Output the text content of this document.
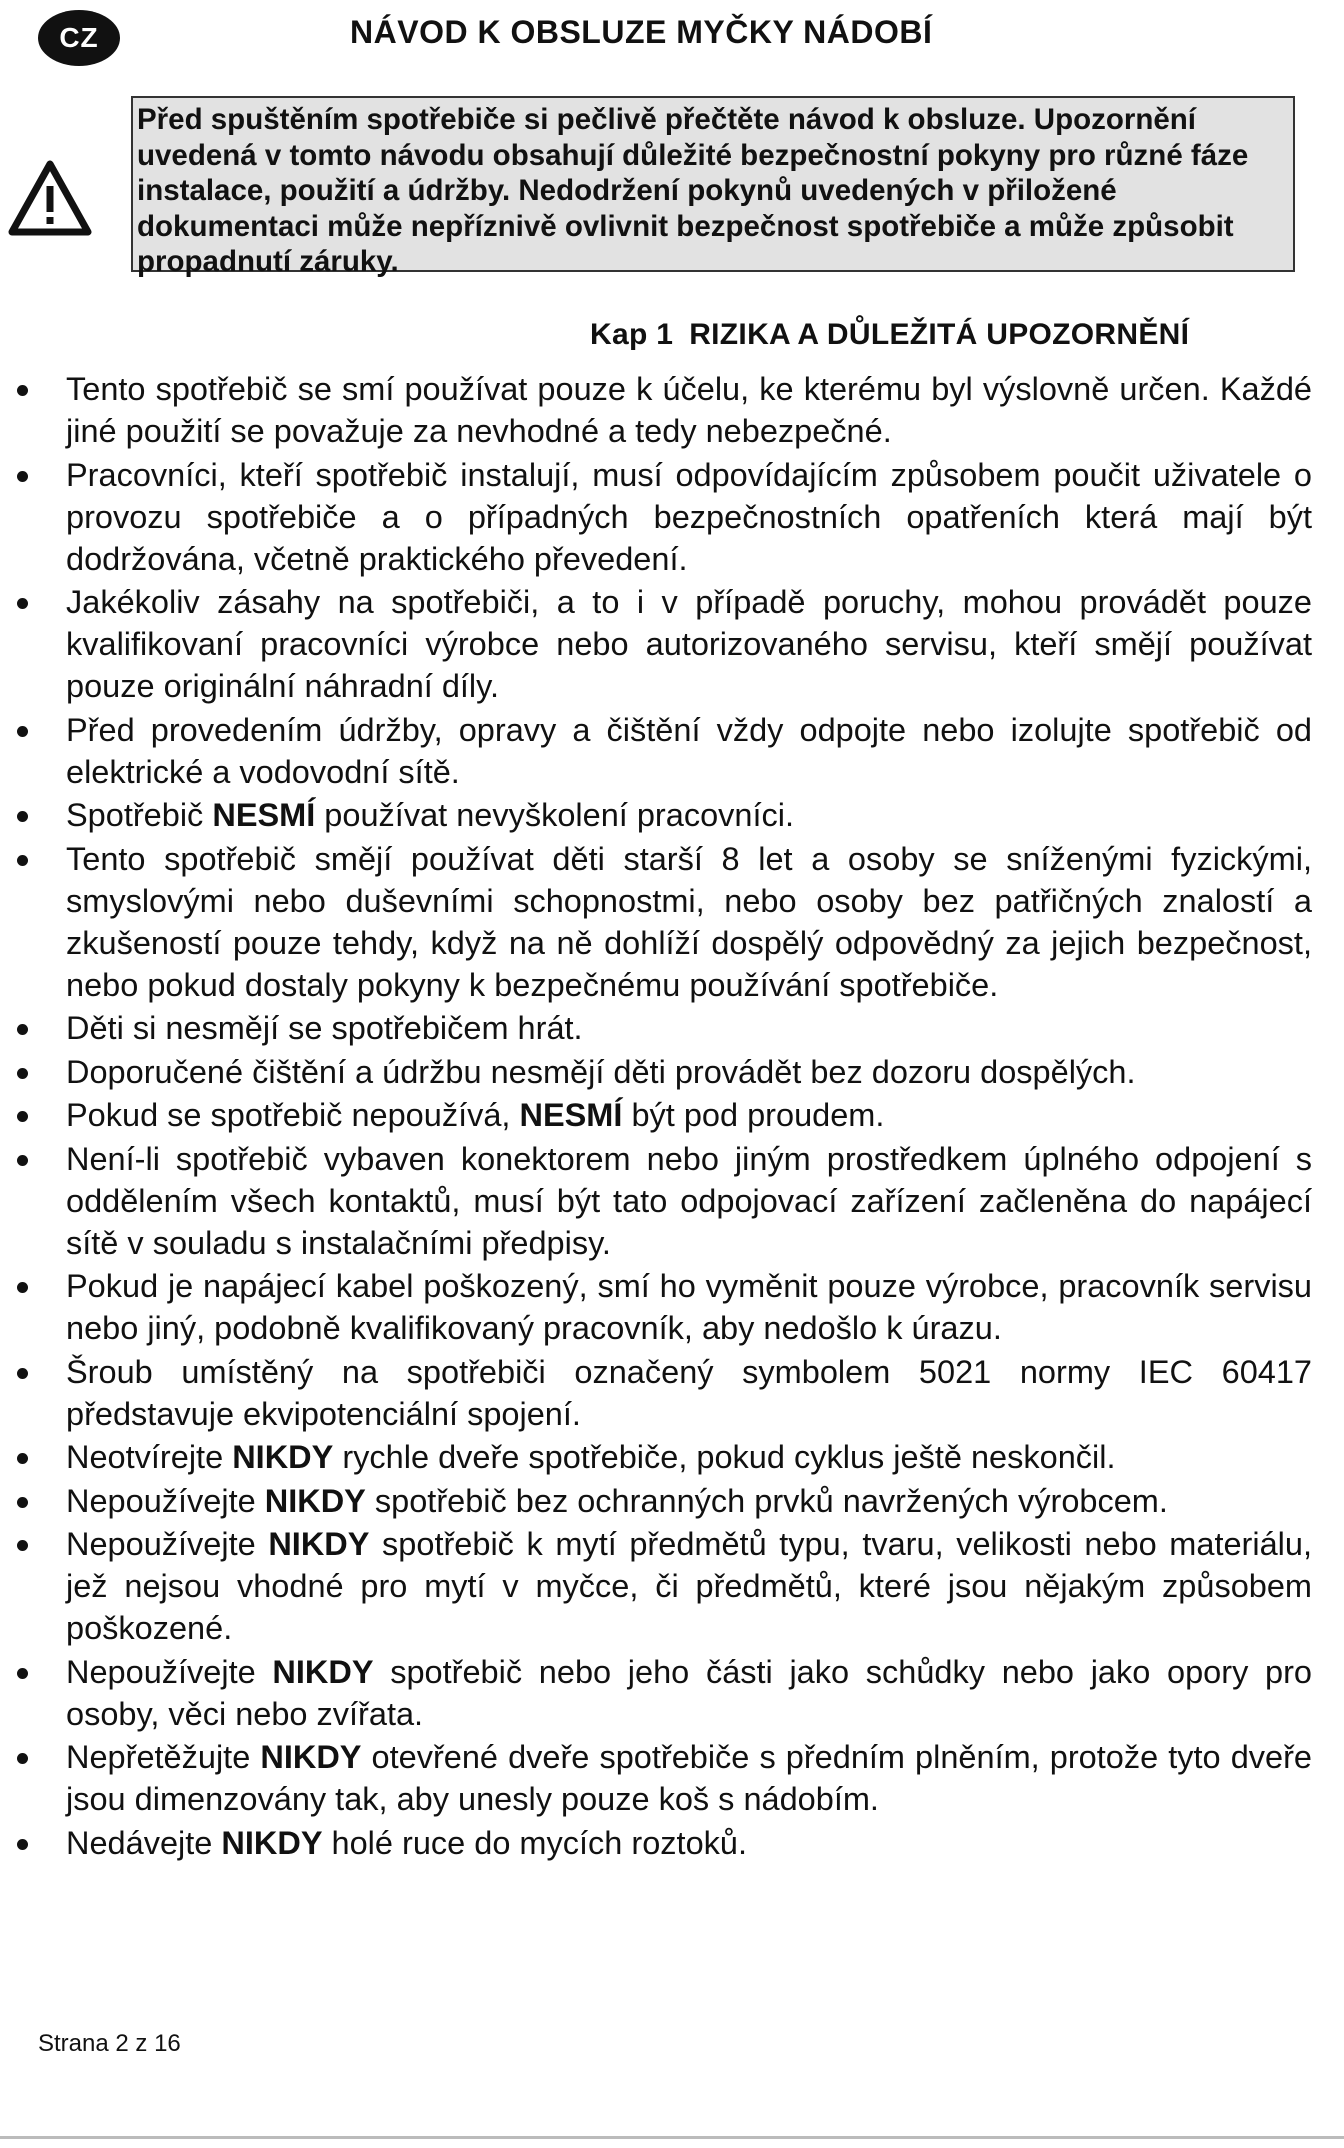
CZ	NÁVOD K OBSLUZE MYČKY NÁDOBÍ
Před spuštěním spotřebiče si pečlivě přečtěte návod k obsluze. Upozornění uvedená v tomto návodu obsahují důležité bezpečnostní pokyny pro různé fáze instalace, použití a údržby. Nedodržení pokynů uvedených v přiložené dokumentaci může nepříznivě ovlivnit bezpečnost spotřebiče a může způsobit propadnutí záruky.
Kap 1 RIZIKA A DŮLEŽITÁ UPOZORNĚNÍ
Tento spotřebič se smí používat pouze k účelu, ke kterému byl výslovně určen. Každé jiné použití se považuje za nevhodné a tedy nebezpečné.
Pracovníci, kteří spotřebič instalují, musí odpovídajícím způsobem poučit uživatele o provozu spotřebiče a o případných bezpečnostních opatřeních která mají být dodržována, včetně praktického převedení.
Jakékoliv zásahy na spotřebiči, a to i v případě poruchy, mohou provádět pouze kvalifikovaní pracovníci výrobce nebo autorizovaného servisu, kteří smějí používat pouze originální náhradní díly.
Před provedením údržby, opravy a čištění vždy odpojte nebo izolujte spotřebič od elektrické a vodovodní sítě.
Spotřebič NESMÍ používat nevyškolení pracovníci.
Tento spotřebič smějí používat děti starší 8 let a osoby se sníženými fyzickými, smyslovými nebo duševními schopnostmi, nebo osoby bez patřičných znalostí a zkušeností pouze tehdy, když na ně dohlíží dospělý odpovědný za jejich bezpečnost, nebo pokud dostaly pokyny k bezpečnému používání spotřebiče.
Děti si nesmějí se spotřebičem hrát.
Doporučené čištění a údržbu nesmějí děti provádět bez dozoru dospělých.
Pokud se spotřebič nepoužívá, NESMÍ být pod proudem.
Není-li spotřebič vybaven konektorem nebo jiným prostředkem úplného odpojení s oddělením všech kontaktů, musí být tato odpojovací zařízení začleněna do napájecí sítě v souladu s instalačními předpisy.
Pokud je napájecí kabel poškozený, smí ho vyměnit pouze výrobce, pracovník servisu nebo jiný, podobně kvalifikovaný pracovník, aby nedošlo k úrazu.
Šroub umístěný na spotřebiči označený symbolem 5021 normy IEC 60417 představuje ekvipotenciální spojení.
Neotvírejte NIKDY rychle dveře spotřebiče, pokud cyklus ještě neskončil.
Nepoužívejte NIKDY spotřebič bez ochranných prvků navržených výrobcem.
Nepoužívejte NIKDY spotřebič k mytí předmětů typu, tvaru, velikosti nebo materiálu, jež nejsou vhodné pro mytí v myčce, či předmětů, které jsou nějakým způsobem poškozené.
Nepoužívejte NIKDY spotřebič nebo jeho části jako schůdky nebo jako opory pro osoby, věci nebo zvířata.
Nepřetěžujte NIKDY otevřené dveře spotřebiče s předním plněním, protože tyto dveře jsou dimenzovány tak, aby unesly pouze koš s nádobím.
Nedávejte NIKDY holé ruce do mycích roztoků.
Strana 2 z 16
